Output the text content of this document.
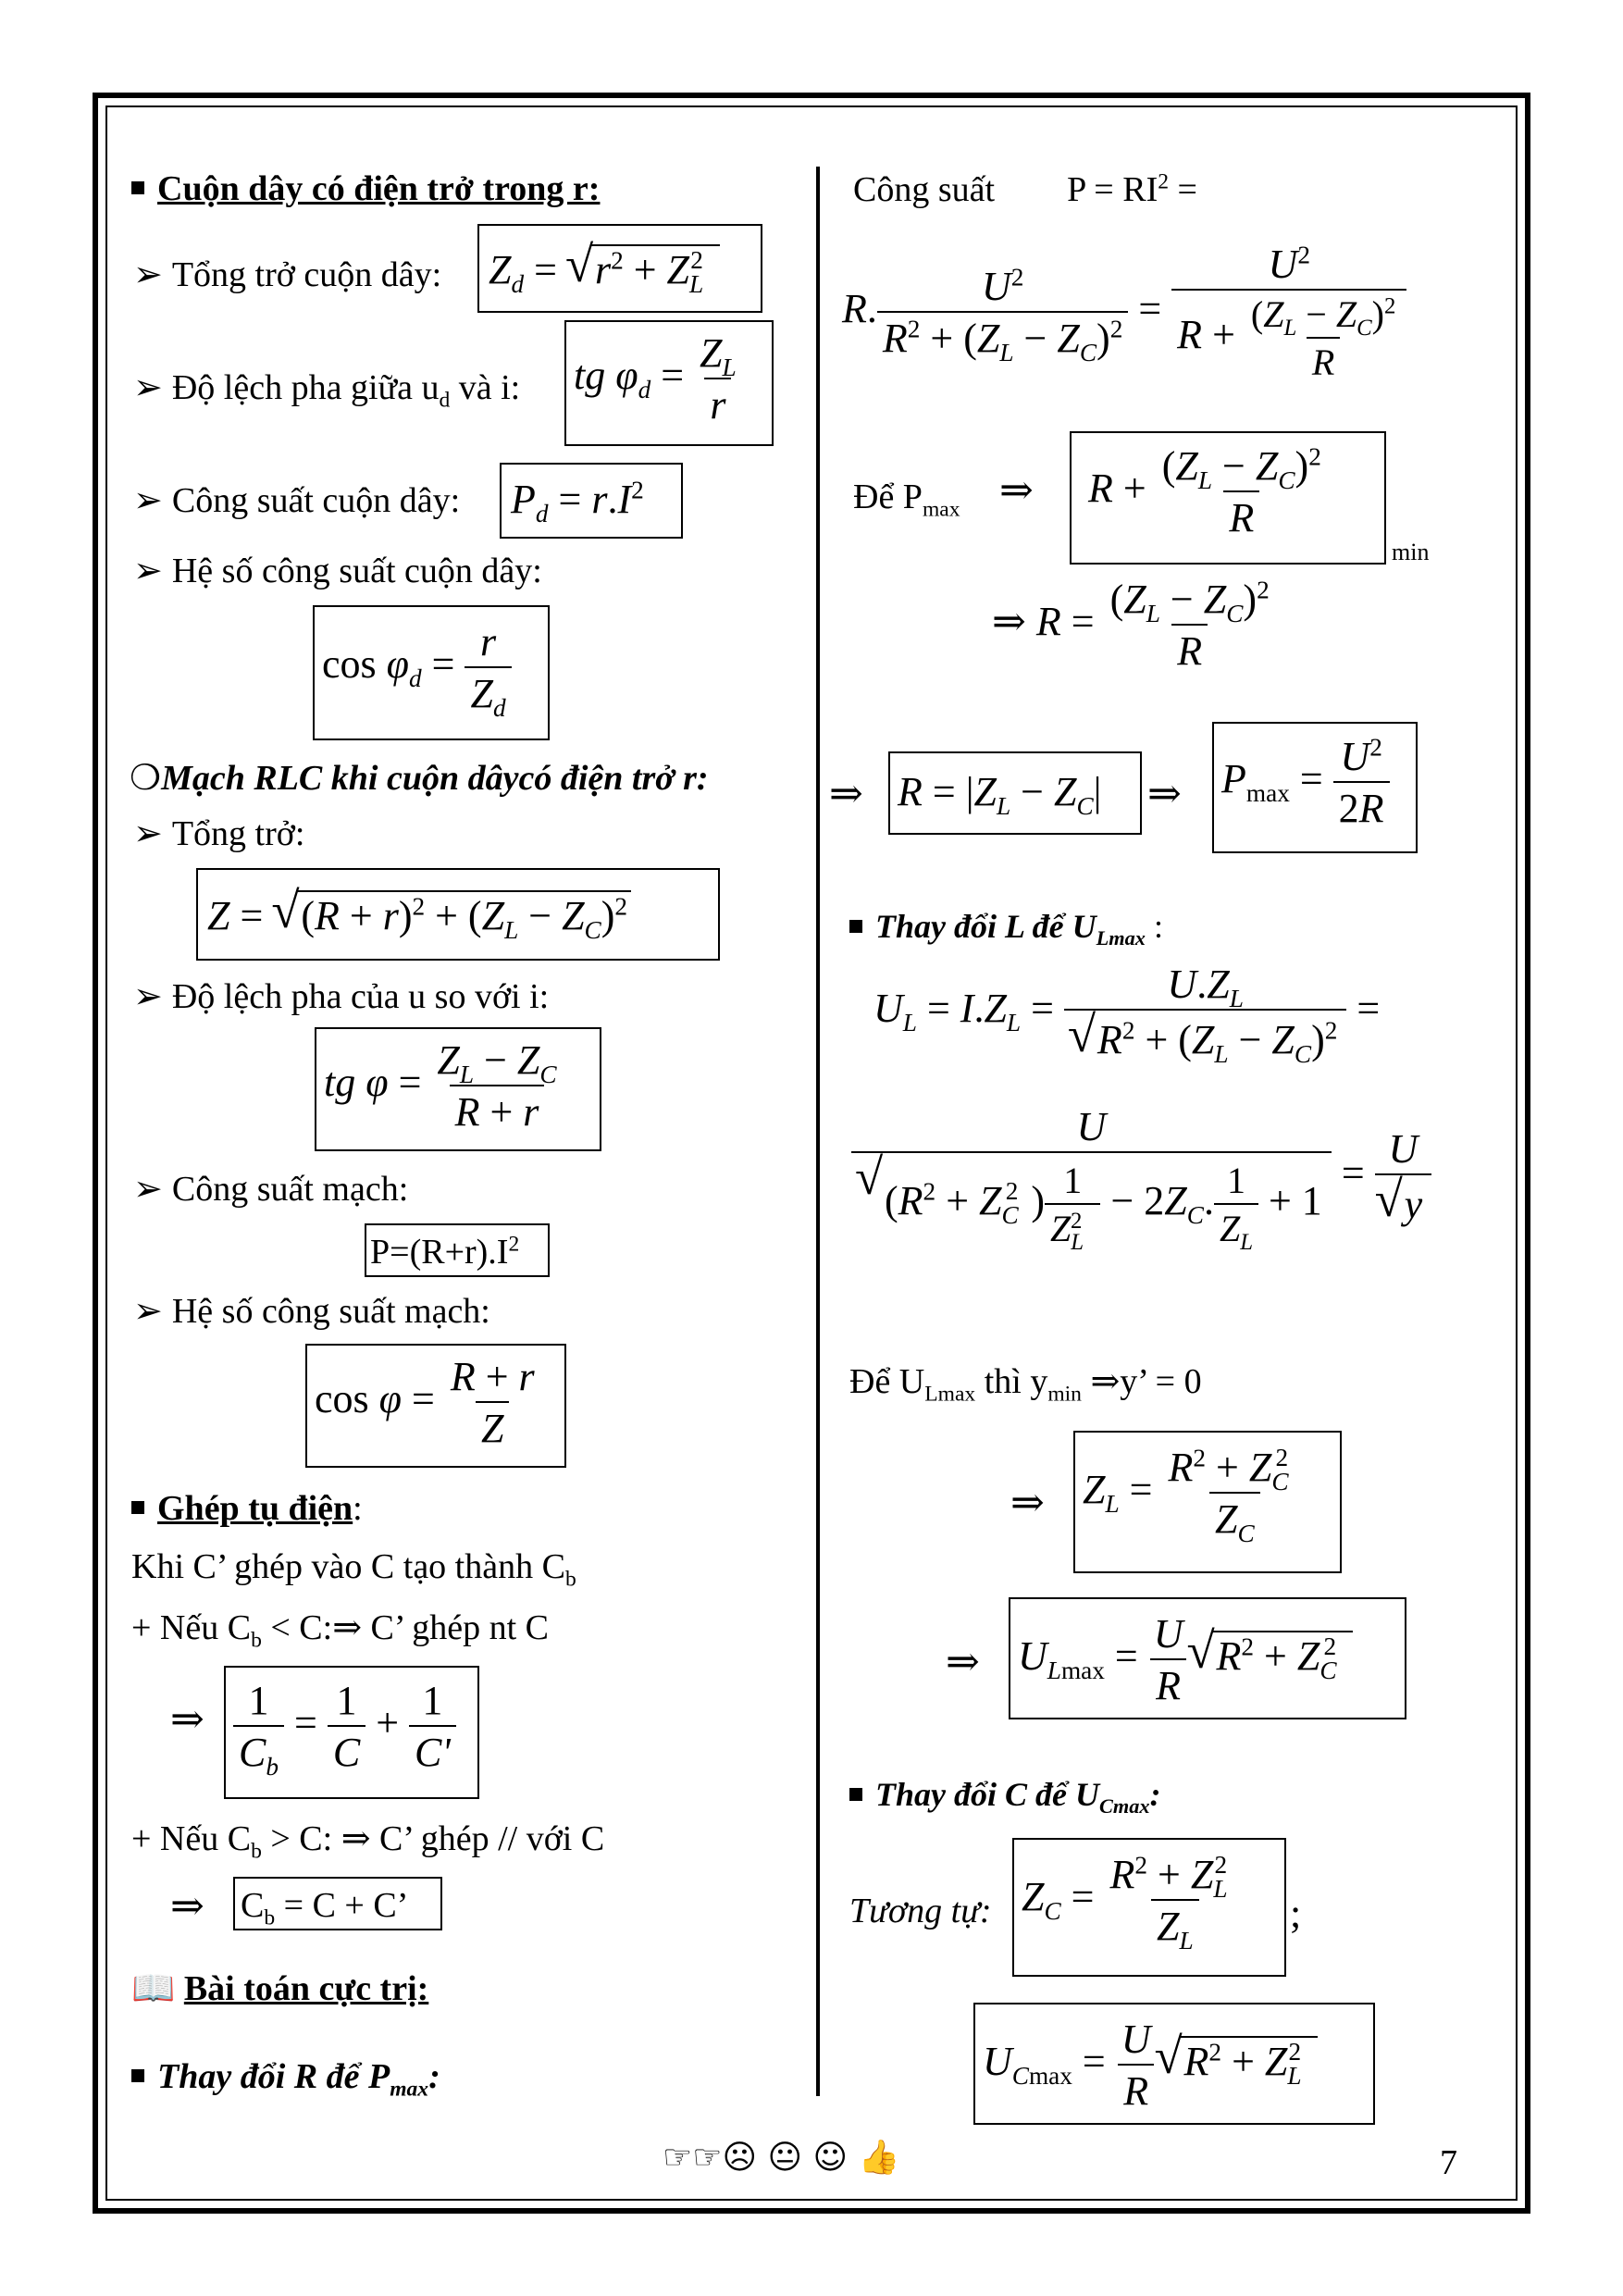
Cuộn dây có điện trở trong r:
➢ Tổng trở cuộn dây: $Z_d$ = √ $r^2 + Z_L^2$
➢ Độ lệch pha giữa $u_d$ và i: tg $\varphi_d = \frac{Z_L}{r}$
➢ Công suất cuộn dây: $P_d = r.I^2$
➢ Hệ số công suất cuộn dây:
$\cos \varphi_d = \frac{r}{Z_d}$
❍Mạch RLC khi cuộn dâycó điện trở r:
➢ Tổng trở:
Z = √ $(R + r)^2 + (Z_L - Z_C)^2$
➢ Độ lệch pha của u so với i:
tg $\varphi = \frac{Z_L - Z_C}{R + r}$
➢ Công suất mạch:
$P=(R+r).I^2$
➢ Hệ số công suất mạch:
$\cos \varphi = \frac{R + r}{Z}$
Ghép tụ điện:
Khi C’ ghép vào C tạo thành $C_b$
+ Nếu $C_b$ < C:⇒ C’ ghép nt C
⇒ $\frac{1}{C_b} = \frac{1}{C} + \frac{1}{C'}$
+ Nếu $C_b > C$: ⇒ C’ ghép // với C
⇒ $C_b = C + C$’
📖 Bài toán cực trị:
Thay đổi R để $P_{max}$:
Công suất $P = RI^2$ =
R. $\frac{U^2}{R^2 + (Z_L - Z_C)^2} = \frac{U^2}{R + \frac{(Z_L - Z_C)^2}{R}}$
Để $P_{max}$ ⇒ $R + \frac{(Z_L - Z_C)^2}{R}$
min
⇒ $R = \frac{(Z_L - Z_C)^2}{R}$
⇒ $R = |Z_L - Z_C|$ ⇒ $P_{max} = \frac{U^2}{2R}$
Thay đổi L để $U_{Lmax}$ :
$U_L = I.Z_L = U.Z_L$
√ $R^2 + (Z_L - Z_C)^2$ =
U
√ ($R^2 + Z_C^2$ ) $\frac{1}{Z_L^2} - 2Z_C$. $\frac{1}{Z_L} + 1 = U$
√ y
Để $U_{Lmax}$ thì $y_{min}$ ⇒y’ = 0
⇒ $Z_L = \frac{R^2 + Z_C^2}{Z_C}$
⇒ $U_{Lmax} = \frac{U}{R}$ √ $R^2 + Z_C^2$
Thay đổi C để $U_{Cmax}$:
Tương tự: $Z_C = \frac{R^2 + Z_L^2}{Z_L}$ ;
$U_{Cmax} = \frac{U}{R}$ √ $R^2 + Z_L^2$
☞☞☹ 😐 ☺ 👍	7
